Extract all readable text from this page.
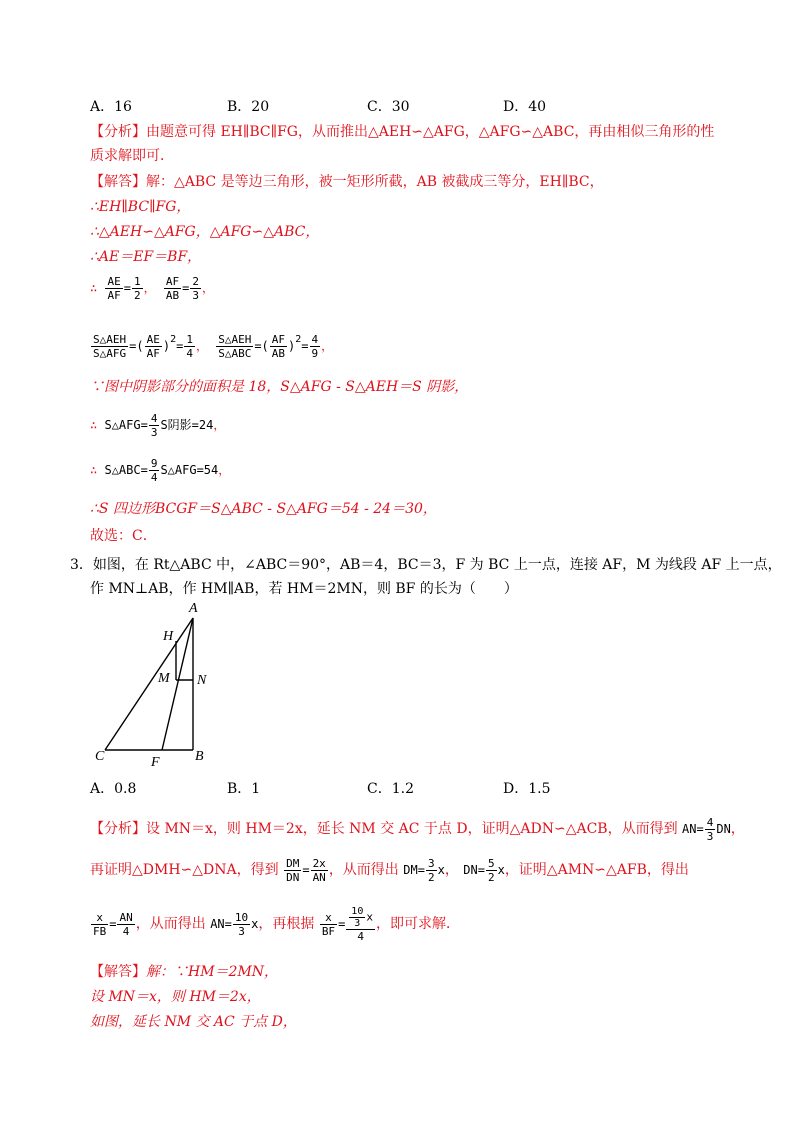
A．16	B．20	C．30	D．40
【分析】由题意可得 EH∥BC∥FG，从而推出△AEH∽△AFG，△AFG∽△ABC，再由相似三角形的性
质求解即可．
【解答】解：△ABC 是等边三角形，被一矩形所截，AB 被截成三等分，EH∥BC，
∴EH∥BC∥FG，
∴△AEH∽△AFG，△AFG∽△ABC，
∴AE＝EF＝BF，
∴ $\frac{AE}{AF} = \frac{1}{2}$ ， $\frac{AF}{AB} = \frac{2}{3}$ ，
$\frac{\text{S△AEH}}{\text{S△AFG}}$ =( $\frac{AE}{AF} )^2= \frac{1}{4}$ ， $\frac{\text{S△AEH}}{\text{S△ABC}}$ =( $\frac{AF}{AB} )^2= \frac{4}{9}$ ，
∵图中阴影部分的面积是 18，S△AFG - S△AEH＝S 阴影，
∴ S△AFG= $\frac{4}{3}$ S阴影=24，
∴ S△ABC= $\frac{9}{4}$ S△AFG=54，
∴S 四边形BCGF＝S△ABC - S△AFG＝54 - 24＝30，
故选：C．
3．如图，在 Rt△ABC 中，∠ABC＝90°，AB＝4，BC＝3，F 为 BC 上一点，连接 AF，M 为线段 AF 上一点，
作 MN⊥AB，作 HM∥AB，若 HM＝2MN，则 BF 的长为（　　）
A
H
M N
C	F	B
A．0.8	B．1	C．1.2	D．1.5
【分析】设 MN＝x，则 HM＝2x，延长 NM 交 AC 于点 D，证明△ADN∽△ACB，从而得到 $AN= \frac{4}{3}$ DN，
再证明△DMH∽△DNA，得到 $\frac{DM}{DN} = \frac{2x}{AN}$ ，从而得出 $DM= \frac{3}{2}$ x， $DN= \frac{5}{2}$ x，证明△AMN∽△AFB，得出
$\frac{x}{FB} = \frac{AN}{4}$ ，从而得出 $AN= \frac{10}{3}$ x，再根据 $\frac{x}{BF} = \frac{\frac{10}{3} x}{4}$ ，即可求解．
【解答】解：∵HM＝2MN，
设 MN＝x，则 HM＝2x，
如图，延长 NM 交 AC 于点 D，
